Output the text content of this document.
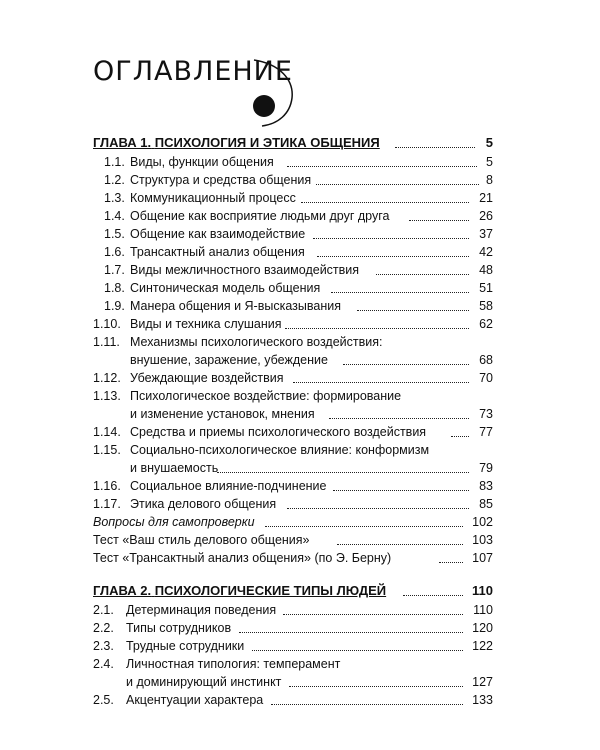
ОГЛАВЛЕНИЕ
ГЛАВА 1. ПСИХОЛОГИЯ И ЭТИКА ОБЩЕНИЯ	5
1.1. Виды, функции общения	5
1.2. Структура и средства общения	8
1.3. Коммуникационный процесс	21
1.4. Общение как восприятие людьми друг друга	26
1.5. Общение как взаимодействие	37
1.6. Трансактный анализ общения	42
1.7. Виды межличностного взаимодействия	48
1.8. Синтоническая модель общения	51
1.9. Манера общения и Я-высказывания	58
1.10. Виды и техника слушания	62
1.11. Механизмы психологического воздействия:
внушение, заражение, убеждение	68
1.12. Убеждающие воздействия	70
1.13. Психологическое воздействие: формирование
и изменение установок, мнения	73
1.14. Средства и приемы психологического воздействия	77
1.15. Социально-психологическое влияние: конформизм
и внушаемость	79
1.16. Социальное влияние-подчинение	83
1.17. Этика делового общения	85
Вопросы для самопроверки	102
Тест «Ваш стиль делового общения»	103
Тест «Трансактный анализ общения» (по Э. Берну)	107
ГЛАВА 2. ПСИХОЛОГИЧЕСКИЕ ТИПЫ ЛЮДЕЙ	110
2.1. Детерминация поведения	110
2.2. Типы сотрудников	120
2.3. Трудные сотрудники	122
2.4. Личностная типология: темперамент
и доминирующий инстинкт	127
2.5. Акцентуации характера	133
